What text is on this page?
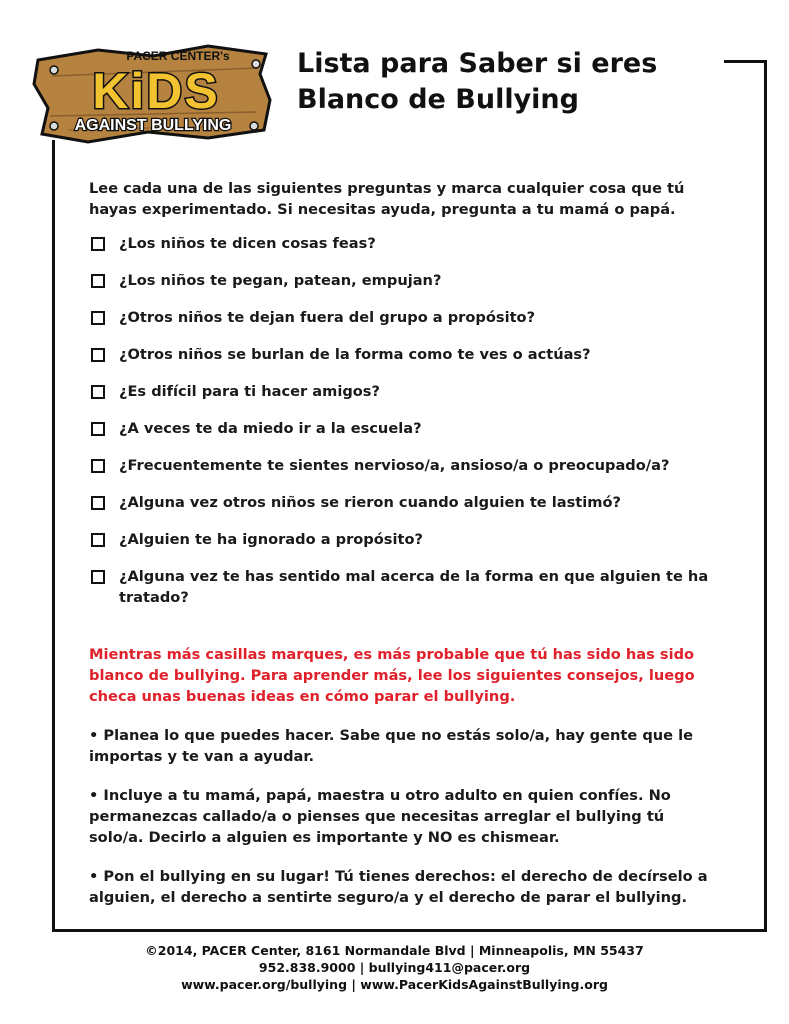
PACER CENTER's
KiDS
AGAINST BULLYING
Lista para Saber si eres
Blanco de Bullying

Lee cada una de las siguientes preguntas y marca cualquier cosa que tú hayas experimentado. Si necesitas ayuda, pregunta a tu mamá o papá.

¿Los niños te dicen cosas feas?
¿Los niños te pegan, patean, empujan?
¿Otros niños te dejan fuera del grupo a propósito?
¿Otros niños se burlan de la forma como te ves o actúas?
¿Es difícil para ti hacer amigos?
¿A veces te da miedo ir a la escuela?
¿Frecuentemente te sientes nervioso/a, ansioso/a o preocupado/a?
¿Alguna vez otros niños se rieron cuando alguien te lastimó?
¿Alguien te ha ignorado a propósito?
¿Alguna vez te has sentido mal acerca de la forma en que alguien te ha tratado?

Mientras más casillas marques, es más probable que tú has sido has sido blanco de bullying. Para aprender más, lee los siguientes consejos, luego checa unas buenas ideas en cómo parar el bullying.

• Planea lo que puedes hacer. Sabe que no estás solo/a, hay gente que le importas y te van a ayudar.

• Incluye a tu mamá, papá, maestra u otro adulto en quien confíes. No permanezcas callado/a o pienses que necesitas arreglar el bullying tú solo/a. Decirlo a alguien es importante y NO es chismear.

• Pon el bullying en su lugar! Tú tienes derechos: el derecho de decírselo a alguien, el derecho a sentirte seguro/a y el derecho de parar el bullying.

©2014, PACER Center, 8161 Normandale Blvd | Minneapolis, MN 55437
952.838.9000 | bullying411@pacer.org
www.pacer.org/bullying | www.PacerKidsAgainstBullying.org
